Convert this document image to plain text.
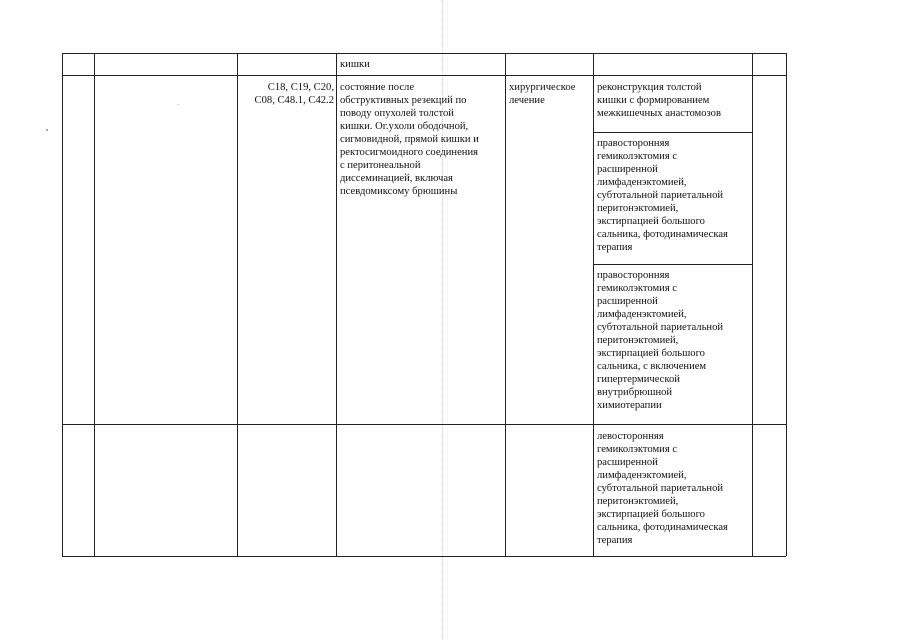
кишки
C18, C19, C20,
C08, C48.1, C42.2
состояние после
обструктивных резекций по
поводу опухолей толстой
кишки. Ог.ухоли ободочной,
сигмовидной, прямой кишки и
ректосигмоидного соединения
с перитонеальной
диссеминацией, включая
псевдомиксому брюшины
хирургическое
лечение
реконструкция толстой
кишки с формированием
межкишечных анастомозов
правосторонняя
гемиколэктомия с
расширенной
лимфаденэктомией,
субтотальной париетальной
перитонэктомией,
экстирпацией большого
сальника, фотодинамическая
терапия
правосторонняя
гемиколэктомия с
расширенной
лимфаденэктомией,
субтотальной париетальной
перитонэктомией,
экстирпацией большого
сальника, с включением
гипертермической
внутрибрюшной
химиотерапии
левосторонняя
гемиколэктомия с
расширенной
лимфаденэктомией,
субтотальной париетальной
перитонэктомией,
экстирпацией большого
сальника, фотодинамическая
терапия
